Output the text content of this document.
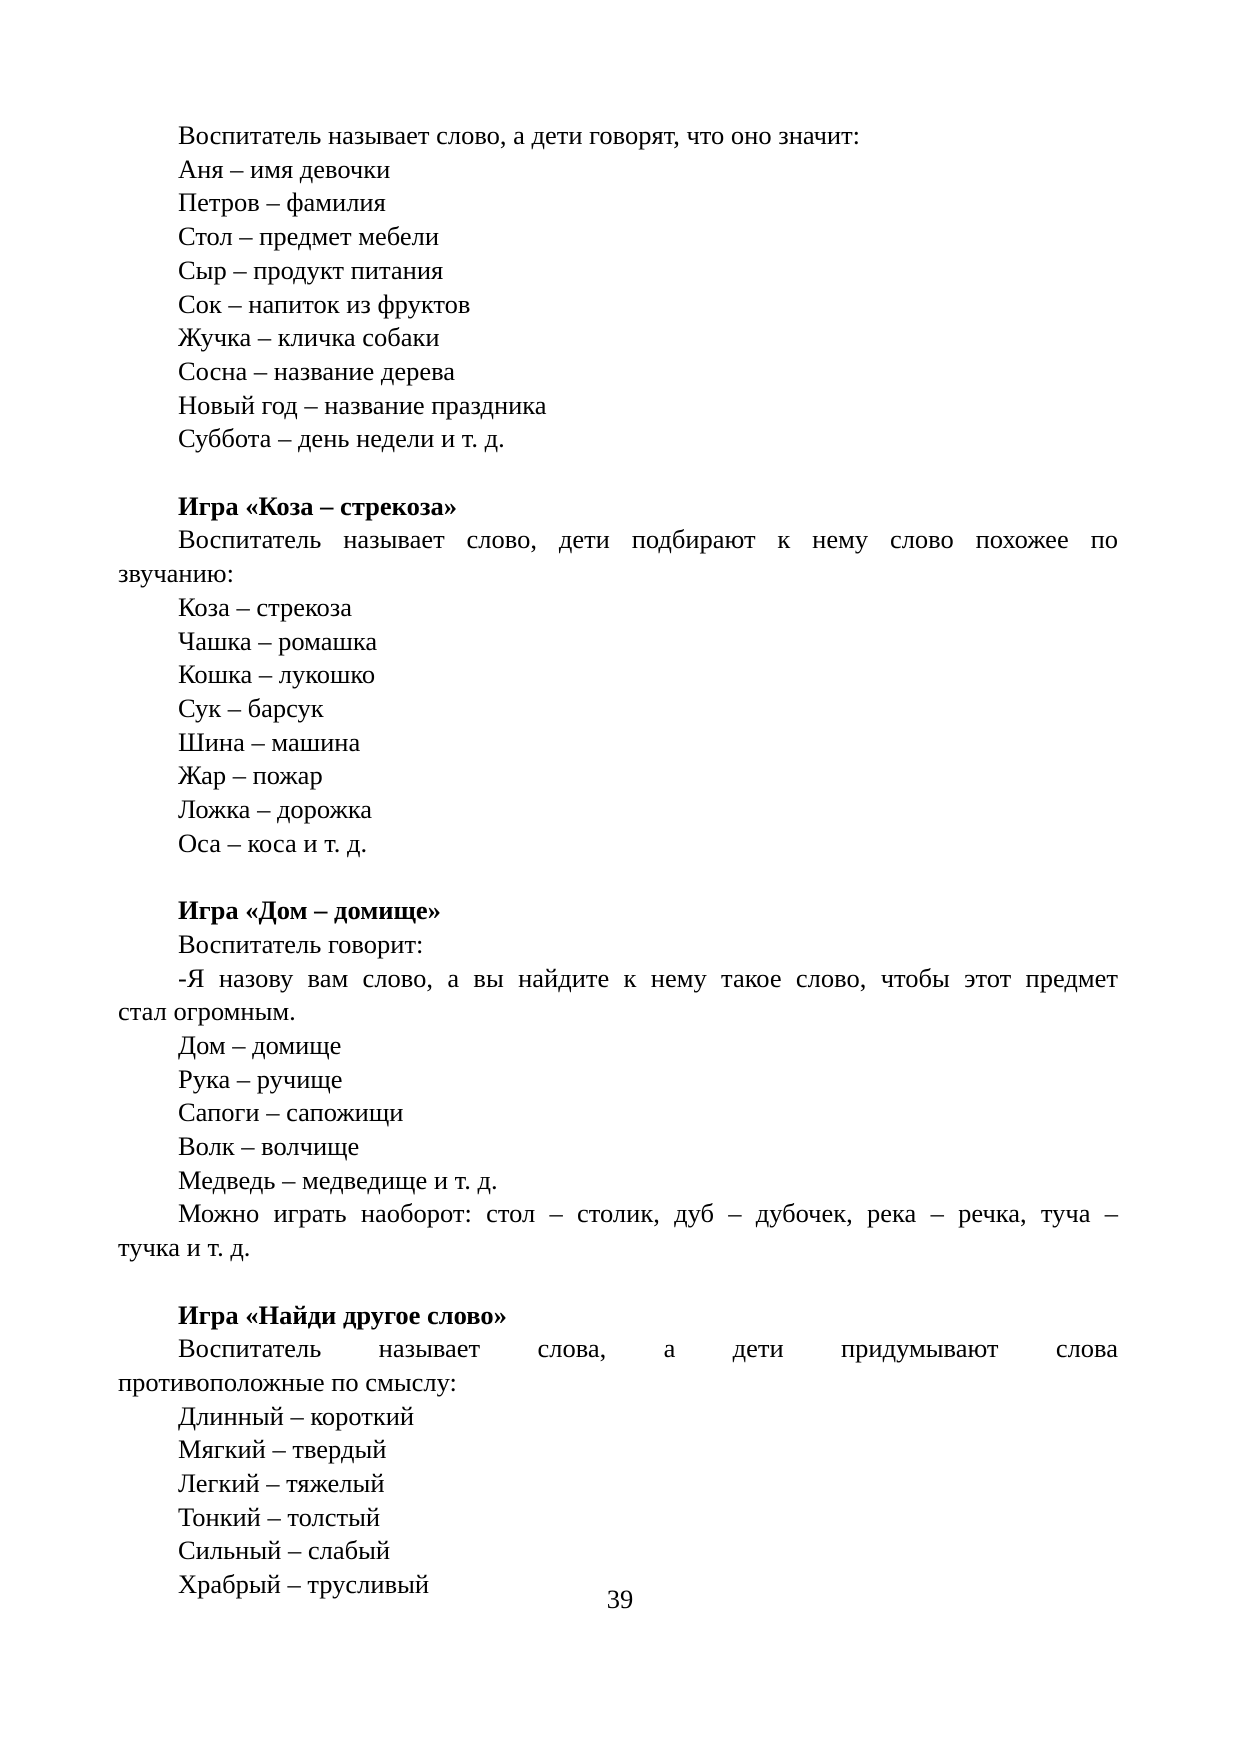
Воспитатель называет слово, а дети говорят, что оно значит:
Аня – имя девочки
Петров – фамилия
Стол – предмет мебели
Сыр – продукт питания
Сок – напиток из фруктов
Жучка – кличка собаки
Сосна – название дерева
Новый год – название праздника
Суббота – день недели и т. д.
Игра «Коза – стрекоза»
Воспитатель называет слово, дети подбирают к нему слово похожее по
звучанию:
Коза – стрекоза
Чашка – ромашка
Кошка – лукошко
Сук – барсук
Шина – машина
Жар – пожар
Ложка – дорожка
Оса – коса и т. д.
Игра «Дом – домище»
Воспитатель говорит:
-Я назову вам слово, а вы найдите к нему такое слово, чтобы этот предмет
стал огромным.
Дом – домище
Рука – ручище
Сапоги – сапожищи
Волк – волчище
Медведь – медведище и т. д.
Можно играть наоборот: стол – столик, дуб – дубочек, река – речка, туча –
тучка и т. д.
Игра «Найди другое слово»
Воспитатель называет слова, а дети придумывают слова
противоположные по смыслу:
Длинный – короткий
Мягкий – твердый
Легкий – тяжелый
Тонкий – толстый
Сильный – слабый
Храбрый – трусливый	39
